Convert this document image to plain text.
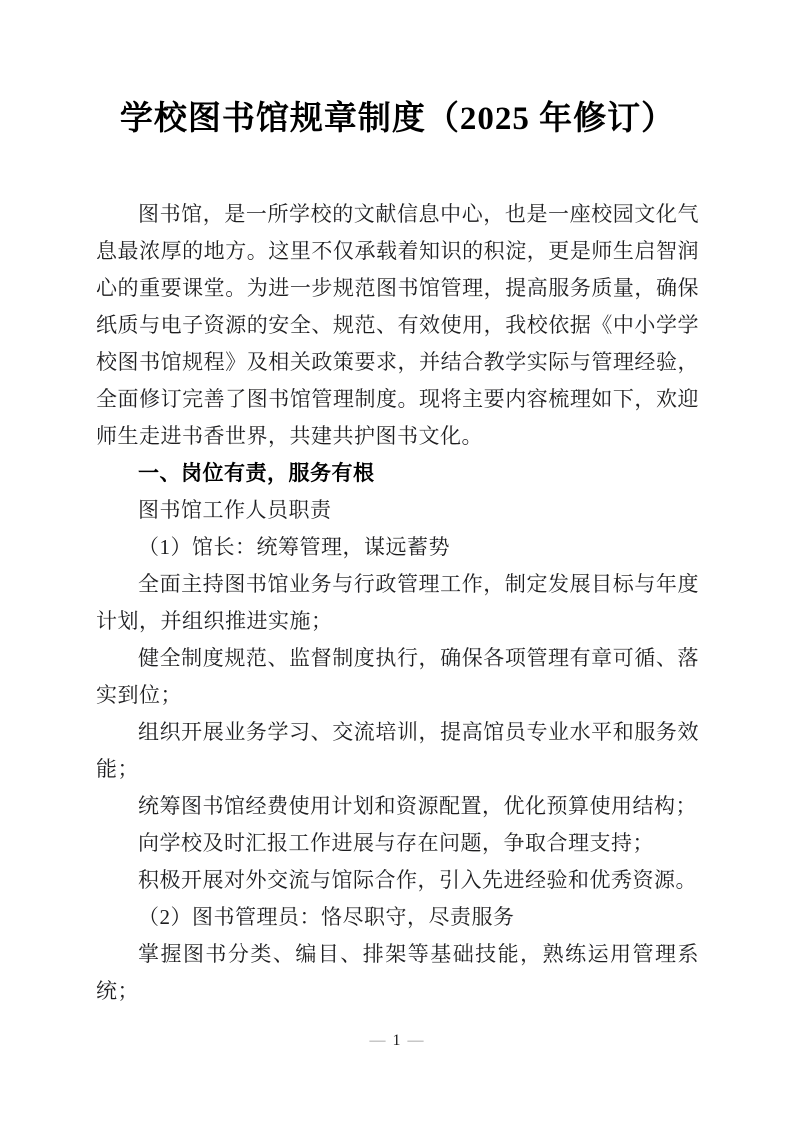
学校图书馆规章制度（2025 年修订）

图书馆，是一所学校的文献信息中心，也是一座校园文化气息最浓厚的地方。这里不仅承载着知识的积淀，更是师生启智润心的重要课堂。为进一步规范图书馆管理，提高服务质量，确保纸质与电子资源的安全、规范、有效使用，我校依据《中小学学校图书馆规程》及相关政策要求，并结合教学实际与管理经验，全面修订完善了图书馆管理制度。现将主要内容梳理如下，欢迎师生走进书香世界，共建共护图书文化。

一、岗位有责，服务有根

图书馆工作人员职责

（1）馆长：统筹管理，谋远蓄势

全面主持图书馆业务与行政管理工作，制定发展目标与年度计划，并组织推进实施；

健全制度规范、监督制度执行，确保各项管理有章可循、落实到位；

组织开展业务学习、交流培训，提高馆员专业水平和服务效能；

统筹图书馆经费使用计划和资源配置，优化预算使用结构；

向学校及时汇报工作进展与存在问题，争取合理支持；

积极开展对外交流与馆际合作，引入先进经验和优秀资源。

（2）图书管理员：恪尽职守，尽责服务

掌握图书分类、编目、排架等基础技能，熟练运用管理系统；

— 1 —
